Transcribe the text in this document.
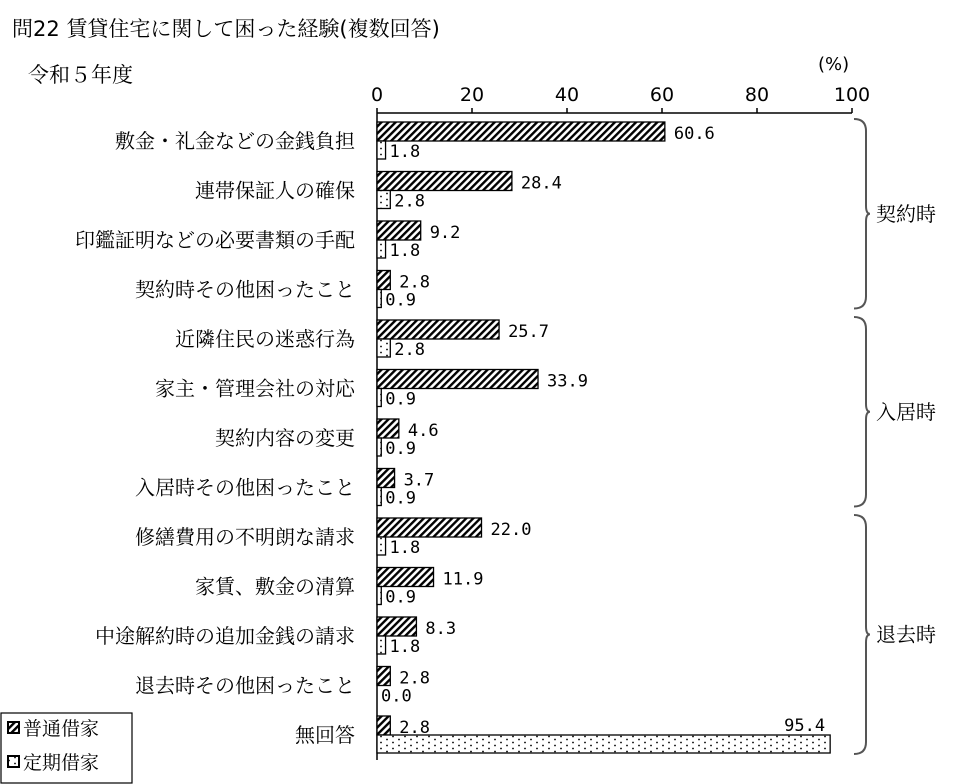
問22 賃貸住宅に関して困った経験(複数回答)
令和５年度	(%)
0	20	40	60	80	100
敷金・礼金などの金銭負担
連帯保証人の確保
印鑑証明などの必要書類の手配
契約時その他困ったこと
近隣住民の迷惑行為
家主・管理会社の対応
契約内容の変更
入居時その他困ったこと
修繕費用の不明朗な請求
家賃、敷金の清算
中途解約時の追加金銭の請求
退去時その他困ったこと
無回答
60.6
1.8
28.4
2.8
9.2
1.8
2.8
0.9
25.7
2.8
33.9
0.9
4.6
0.9
3.7
0.9
22.0
1.8
11.9
0.9
8.3
1.8
2.8
0.0
2.8	95.4
契約時
入居時
退去時
普通借家
定期借家
